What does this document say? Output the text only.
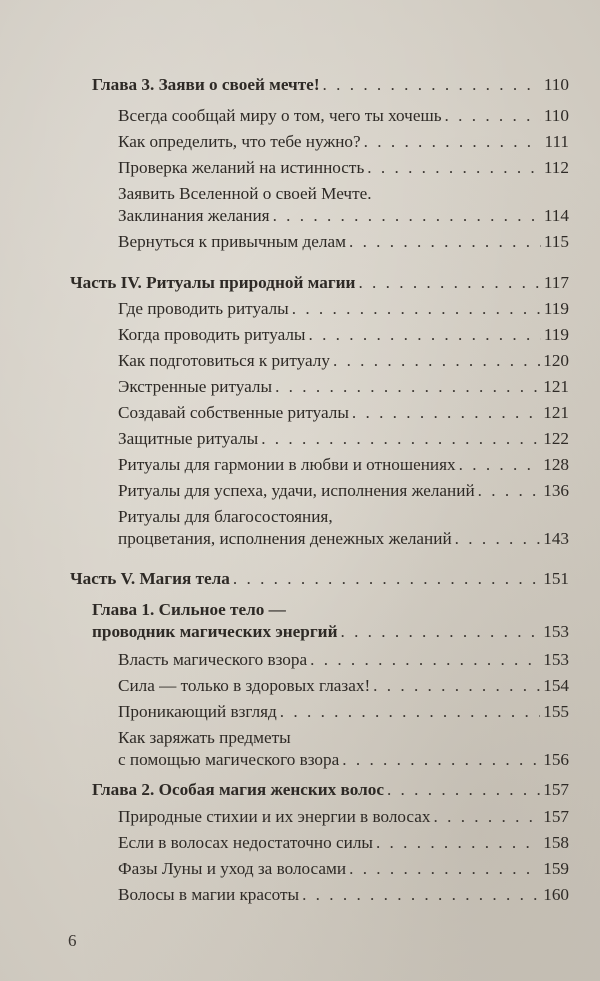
Глава 3. Заяви о своей мечте! . . .	110
Всегда сообщай миру о том, чего ты хочешь . . .	110
Как определить, что тебе нужно? . . .	111
Проверка желаний на истинность . . .	112
Заявить Вселенной о своей Мечте.
Заклинания желания . . .	114
Вернуться к привычным делам . . .	115
Часть IV. Ритуалы природной магии . . .	117
Где проводить ритуалы . . .	119
Когда проводить ритуалы . . .	119
Как подготовиться к ритуалу . . .	120
Экстренные ритуалы . . .	121
Создавай собственные ритуалы . . .	121
Защитные ритуалы . . .	122
Ритуалы для гармонии в любви и отношениях . . .	128
Ритуалы для успеха, удачи, исполнения желаний . . .	136
Ритуалы для благосостояния,
процветания, исполнения денежных желаний . . .	143
Часть V. Магия тела . . .	151
Глава 1. Сильное тело —
проводник магических энергий . . .	153
Власть магического взора . . .	153
Сила — только в здоровых глазах! . . .	154
Проникающий взгляд . . .	155
Как заряжать предметы
с помощью магического взора . . .	156
Глава 2. Особая магия женских волос . . .	157
Природные стихии и их энергии в волосах . . .	157
Если в волосах недостаточно силы . . .	158
Фазы Луны и уход за волосами . . .	159
Волосы в магии красоты . . .	160
6
